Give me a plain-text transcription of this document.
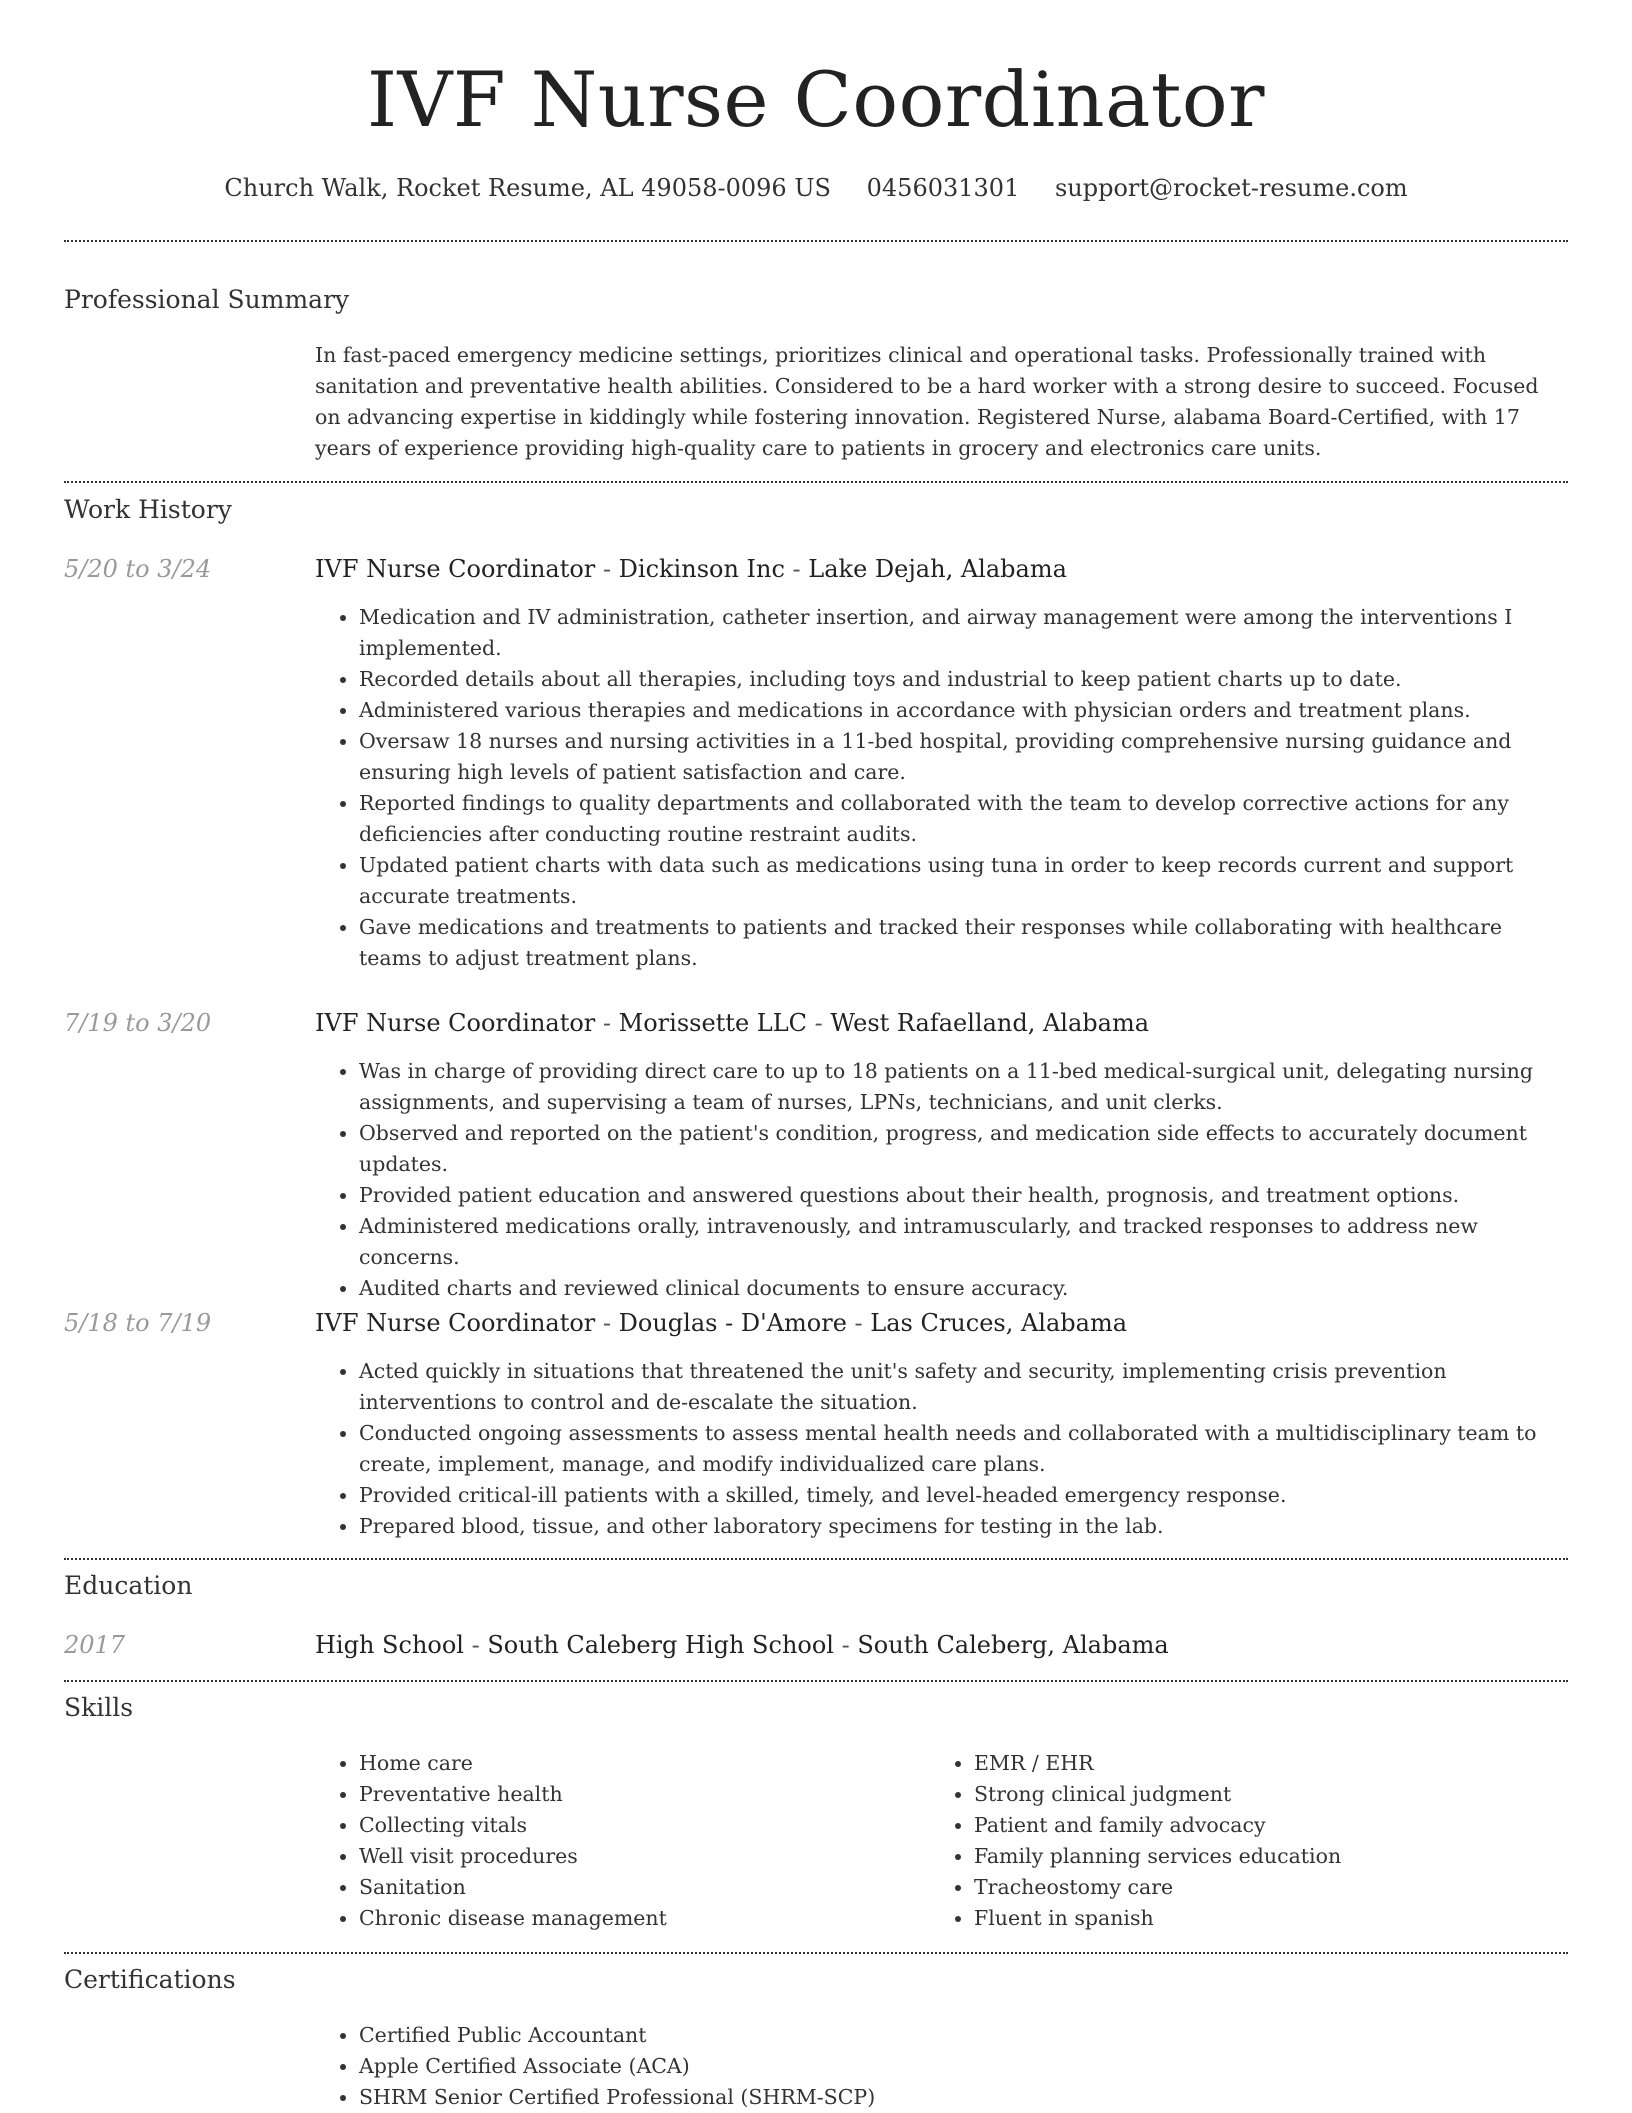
IVF Nurse Coordinator
Church Walk, Rocket Resume, AL 49058-0096 US 0456031301 support@rocket-resume.com
Professional Summary
In fast-paced emergency medicine settings, prioritizes clinical and operational tasks. Professionally trained with sanitation and preventative health abilities. Considered to be a hard worker with a strong desire to succeed. Focused on advancing expertise in kiddingly while fostering innovation. Registered Nurse, alabama Board-Certified, with 17 years of experience providing high-quality care to patients in grocery and electronics care units.
Work History
5/20 to 3/24	IVF Nurse Coordinator - Dickinson Inc - Lake Dejah, Alabama
• Medication and IV administration, catheter insertion, and airway management were among the interventions I implemented.
• Recorded details about all therapies, including toys and industrial to keep patient charts up to date.
• Administered various therapies and medications in accordance with physician orders and treatment plans.
• Oversaw 18 nurses and nursing activities in a 11-bed hospital, providing comprehensive nursing guidance and ensuring high levels of patient satisfaction and care.
• Reported findings to quality departments and collaborated with the team to develop corrective actions for any deficiencies after conducting routine restraint audits.
• Updated patient charts with data such as medications using tuna in order to keep records current and support accurate treatments.
• Gave medications and treatments to patients and tracked their responses while collaborating with healthcare teams to adjust treatment plans.
7/19 to 3/20	IVF Nurse Coordinator - Morissette LLC - West Rafaelland, Alabama
• Was in charge of providing direct care to up to 18 patients on a 11-bed medical-surgical unit, delegating nursing assignments, and supervising a team of nurses, LPNs, technicians, and unit clerks.
• Observed and reported on the patient's condition, progress, and medication side effects to accurately document updates.
• Provided patient education and answered questions about their health, prognosis, and treatment options.
• Administered medications orally, intravenously, and intramuscularly, and tracked responses to address new concerns.
• Audited charts and reviewed clinical documents to ensure accuracy.
5/18 to 7/19	IVF Nurse Coordinator - Douglas - D'Amore - Las Cruces, Alabama
• Acted quickly in situations that threatened the unit's safety and security, implementing crisis prevention interventions to control and de-escalate the situation.
• Conducted ongoing assessments to assess mental health needs and collaborated with a multidisciplinary team to create, implement, manage, and modify individualized care plans.
• Provided critical-ill patients with a skilled, timely, and level-headed emergency response.
• Prepared blood, tissue, and other laboratory specimens for testing in the lab.
Education
2017	High School - South Caleberg High School - South Caleberg, Alabama
Skills
• Home care
• Preventative health
• Collecting vitals
• Well visit procedures
• Sanitation
• Chronic disease management
• EMR / EHR
• Strong clinical judgment
• Patient and family advocacy
• Family planning services education
• Tracheostomy care
• Fluent in spanish
Certifications
• Certified Public Accountant
• Apple Certified Associate (ACA)
• SHRM Senior Certified Professional (SHRM-SCP)
